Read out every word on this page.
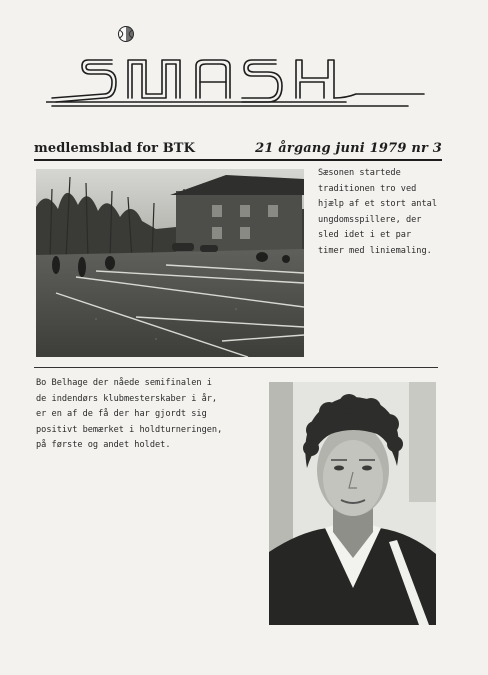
medlemsblad for BTK	21 årgang juni 1979 nr 3
Sæsonen startede
traditionen tro ved
hjælp af et stort antal
ungdomsspillere, der
sled idet i et par
timer med liniemaling.
Bo Belhage der nåede semifinalen i
de indendørs klubmesterskaber i år,
er en af de få der har gjordt sig
positivt bemærket i holdturneringen,
på første og andet holdet.
